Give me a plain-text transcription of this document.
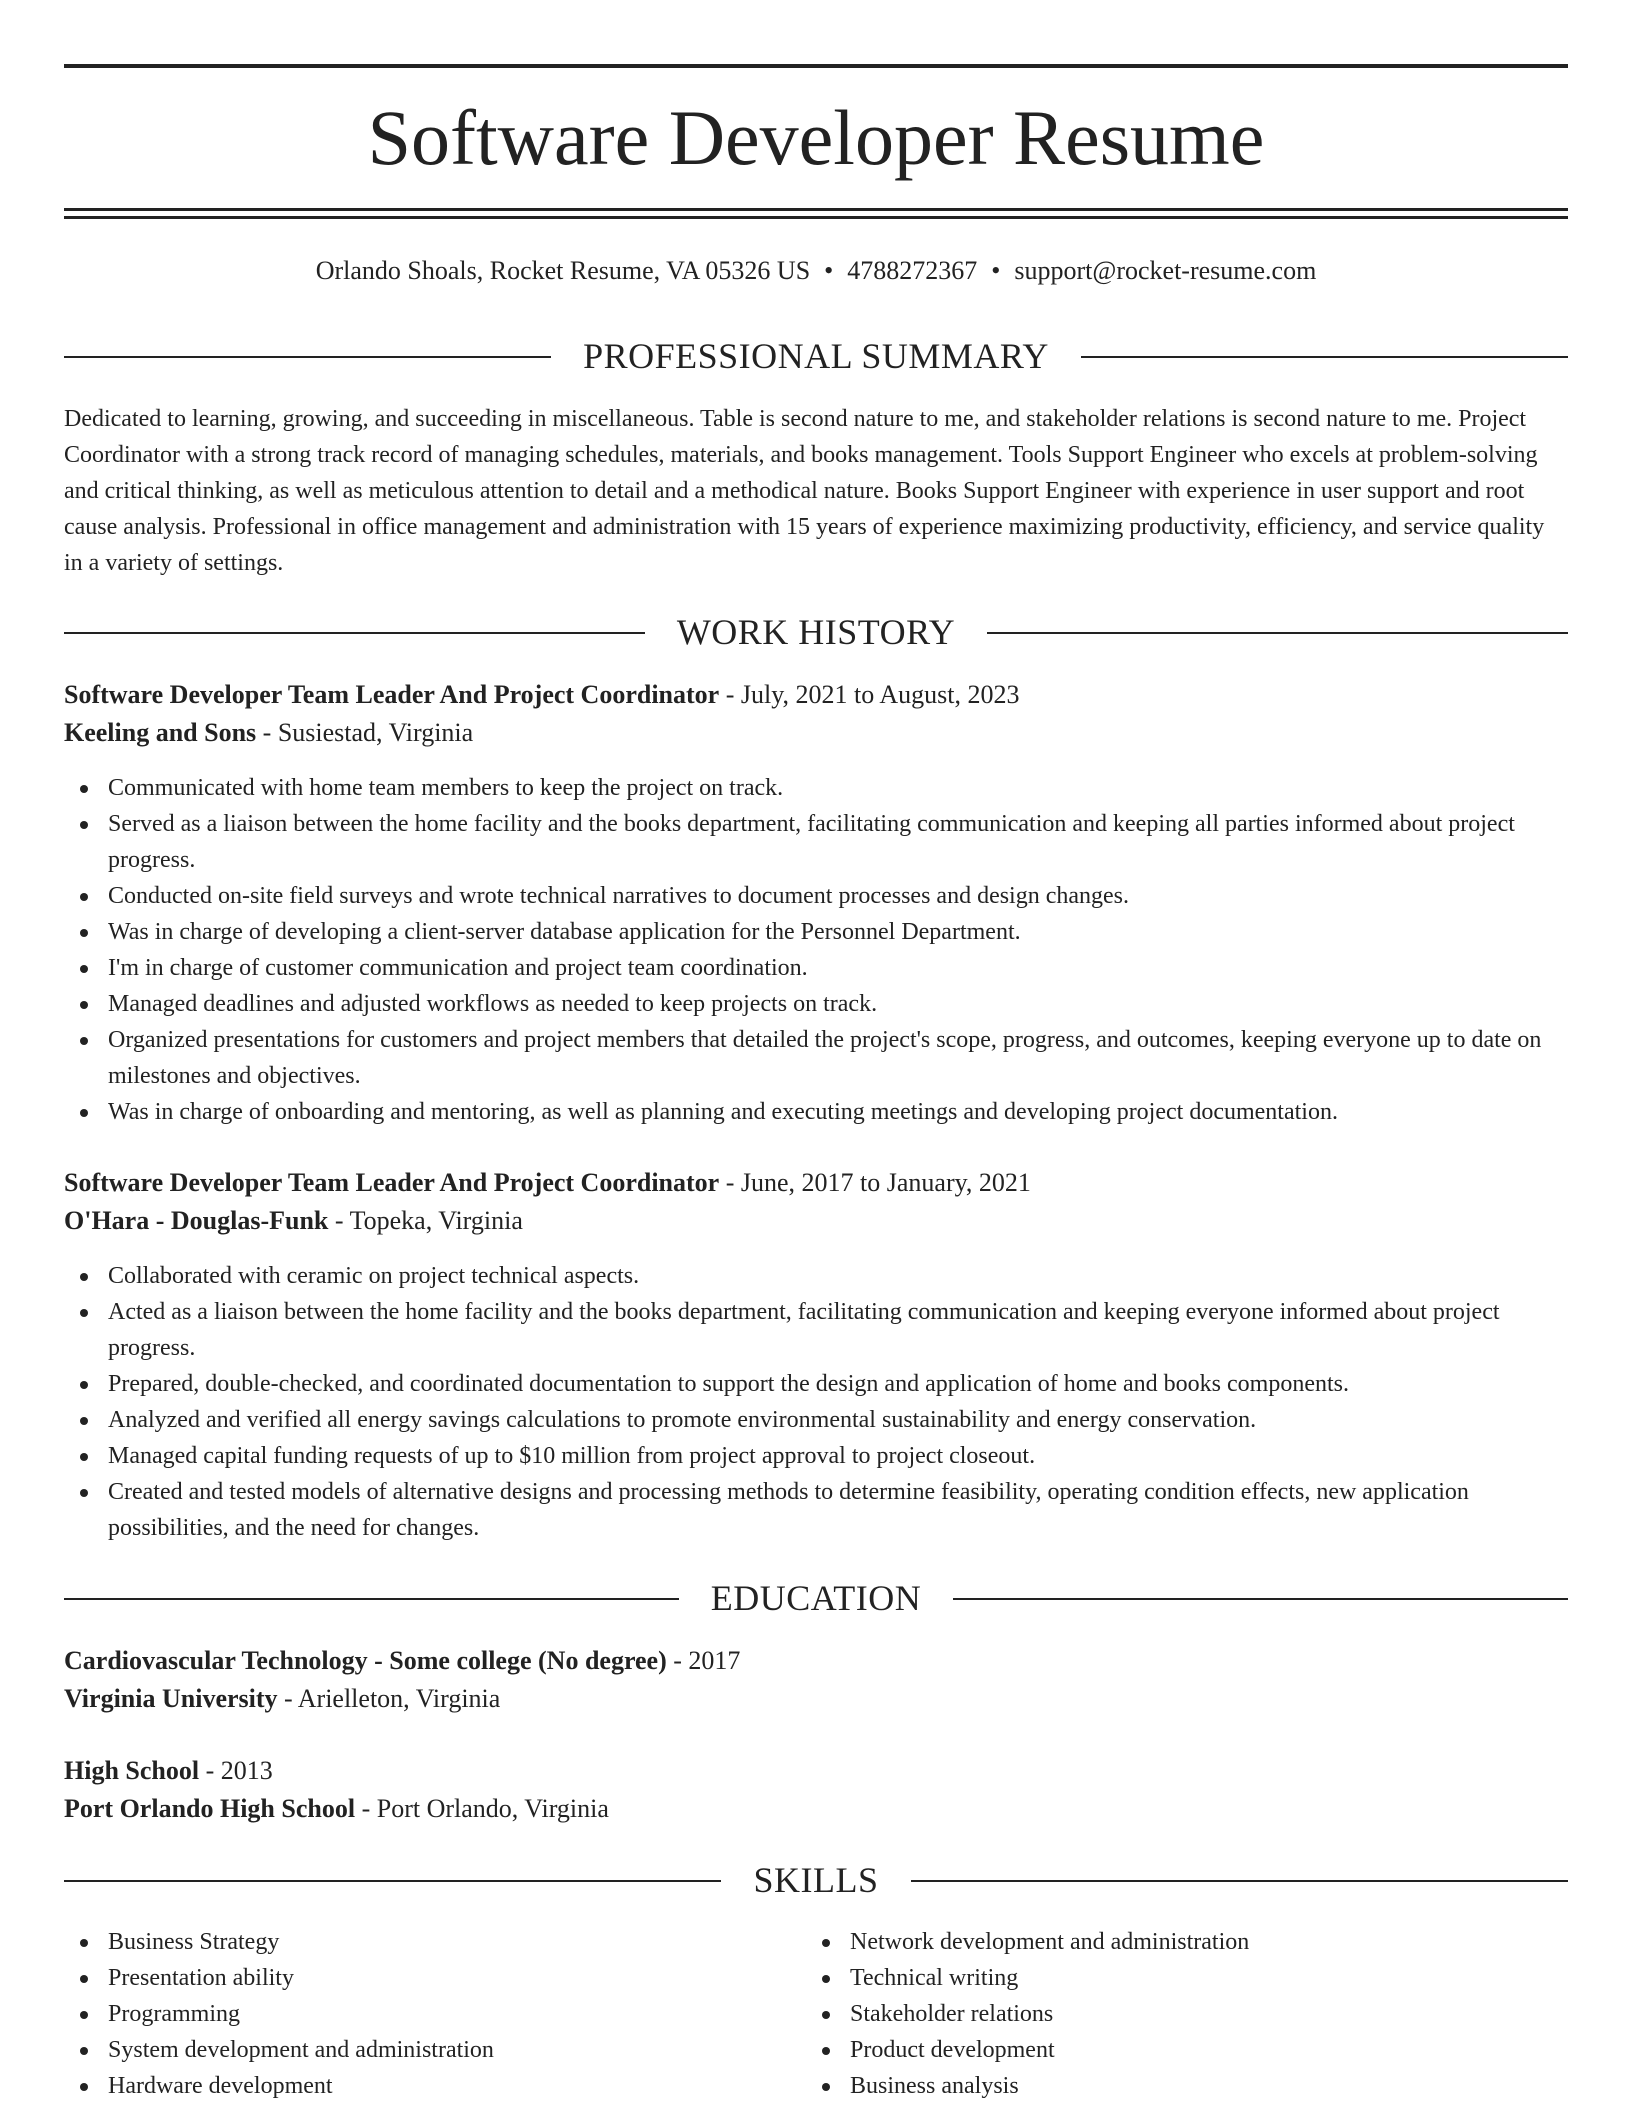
Software Developer Resume
Orlando Shoals, Rocket Resume, VA 05326 US • 4788272367 • support@rocket-resume.com
PROFESSIONAL SUMMARY
Dedicated to learning, growing, and succeeding in miscellaneous. Table is second nature to me, and stakeholder relations is second nature to me. Project Coordinator with a strong track record of managing schedules, materials, and books management. Tools Support Engineer who excels at problem-solving and critical thinking, as well as meticulous attention to detail and a methodical nature. Books Support Engineer with experience in user support and root cause analysis. Professional in office management and administration with 15 years of experience maximizing productivity, efficiency, and service quality in a variety of settings.
WORK HISTORY
Software Developer Team Leader And Project Coordinator - July, 2021 to August, 2023
Keeling and Sons - Susiestad, Virginia
Communicated with home team members to keep the project on track.
Served as a liaison between the home facility and the books department, facilitating communication and keeping all parties informed about project progress.
Conducted on-site field surveys and wrote technical narratives to document processes and design changes.
Was in charge of developing a client-server database application for the Personnel Department.
I'm in charge of customer communication and project team coordination.
Managed deadlines and adjusted workflows as needed to keep projects on track.
Organized presentations for customers and project members that detailed the project's scope, progress, and outcomes, keeping everyone up to date on milestones and objectives.
Was in charge of onboarding and mentoring, as well as planning and executing meetings and developing project documentation.
Software Developer Team Leader And Project Coordinator - June, 2017 to January, 2021
O'Hara - Douglas-Funk - Topeka, Virginia
Collaborated with ceramic on project technical aspects.
Acted as a liaison between the home facility and the books department, facilitating communication and keeping everyone informed about project progress.
Prepared, double-checked, and coordinated documentation to support the design and application of home and books components.
Analyzed and verified all energy savings calculations to promote environmental sustainability and energy conservation.
Managed capital funding requests of up to $10 million from project approval to project closeout.
Created and tested models of alternative designs and processing methods to determine feasibility, operating condition effects, new application possibilities, and the need for changes.
EDUCATION
Cardiovascular Technology - Some college (No degree) - 2017
Virginia University - Arielleton, Virginia
High School - 2013
Port Orlando High School - Port Orlando, Virginia
SKILLS
Business Strategy
Presentation ability
Programming
System development and administration
Hardware development
Network development and administration
Technical writing
Stakeholder relations
Product development
Business analysis
